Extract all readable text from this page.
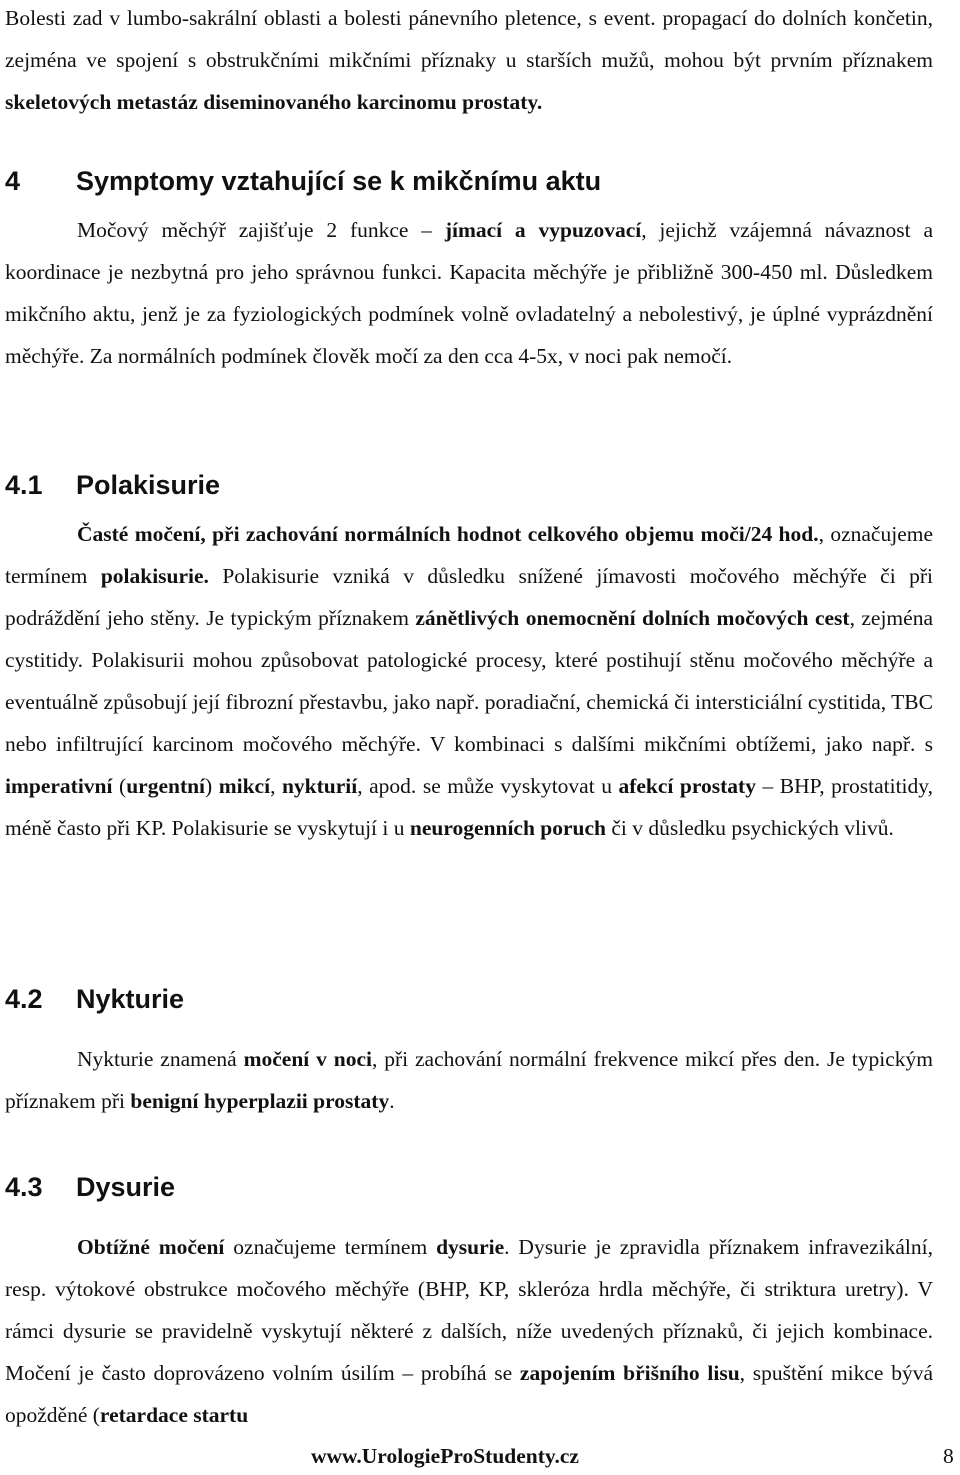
Bolesti zad v lumbo-sakrální oblasti a bolesti pánevního pletence, s event. propagací do dolních končetin, zejména ve spojení s obstrukčními mikčními příznaky u starších mužů, mohou být prvním příznakem skeletových metastáz diseminovaného karcinomu prostaty.

4 Symptomy vztahující se k mikčnímu aktu

Močový měchýř zajišťuje 2 funkce – jímací a vypuzovací, jejichž vzájemná návaznost a koordinace je nezbytná pro jeho správnou funkci. Kapacita měchýře je přibližně 300-450 ml. Důsledkem mikčního aktu, jenž je za fyziologických podmínek volně ovladatelný a nebolestivý, je úplné vyprázdnění měchýře. Za normálních podmínek člověk močí za den cca 4-5x, v noci pak nemočí.

4.1 Polakisurie

Časté močení, při zachování normálních hodnot celkového objemu moči/24 hod., označujeme termínem polakisurie. Polakisurie vzniká v důsledku snížené jímavosti močového měchýře či při podráždění jeho stěny. Je typickým příznakem zánětlivých onemocnění dolních močových cest, zejména cystitidy. Polakisurii mohou způsobovat patologické procesy, které postihují stěnu močového měchýře a eventuálně způsobují její fibrozní přestavbu, jako např. poradiační, chemická či intersticiální cystitida, TBC nebo infiltrující karcinom močového měchýře. V kombinaci s dalšími mikčními obtížemi, jako např. s imperativní (urgentní) mikcí, nykturií, apod. se může vyskytovat u afekcí prostaty – BHP, prostatitidy, méně často při KP. Polakisurie se vyskytují i u neurogenních poruch či v důsledku psychických vlivů.

4.2 Nykturie

Nykturie znamená močení v noci, při zachování normální frekvence mikcí přes den. Je typickým příznakem při benigní hyperplazii prostaty.

4.3 Dysurie

Obtížné močení označujeme termínem dysurie. Dysurie je zpravidla příznakem infravezikální, resp. výtokové obstrukce močového měchýře (BHP, KP, skleróza hrdla měchýře, či striktura uretry). V rámci dysurie se pravidelně vyskytují některé z dalších, níže uvedených příznaků, či jejich kombinace. Močení je často doprovázeno volním úsilím – probíhá se zapojením břišního lisu, spuštění mikce bývá opožděné (retardace startu

www.UrologieProStudenty.cz	8
